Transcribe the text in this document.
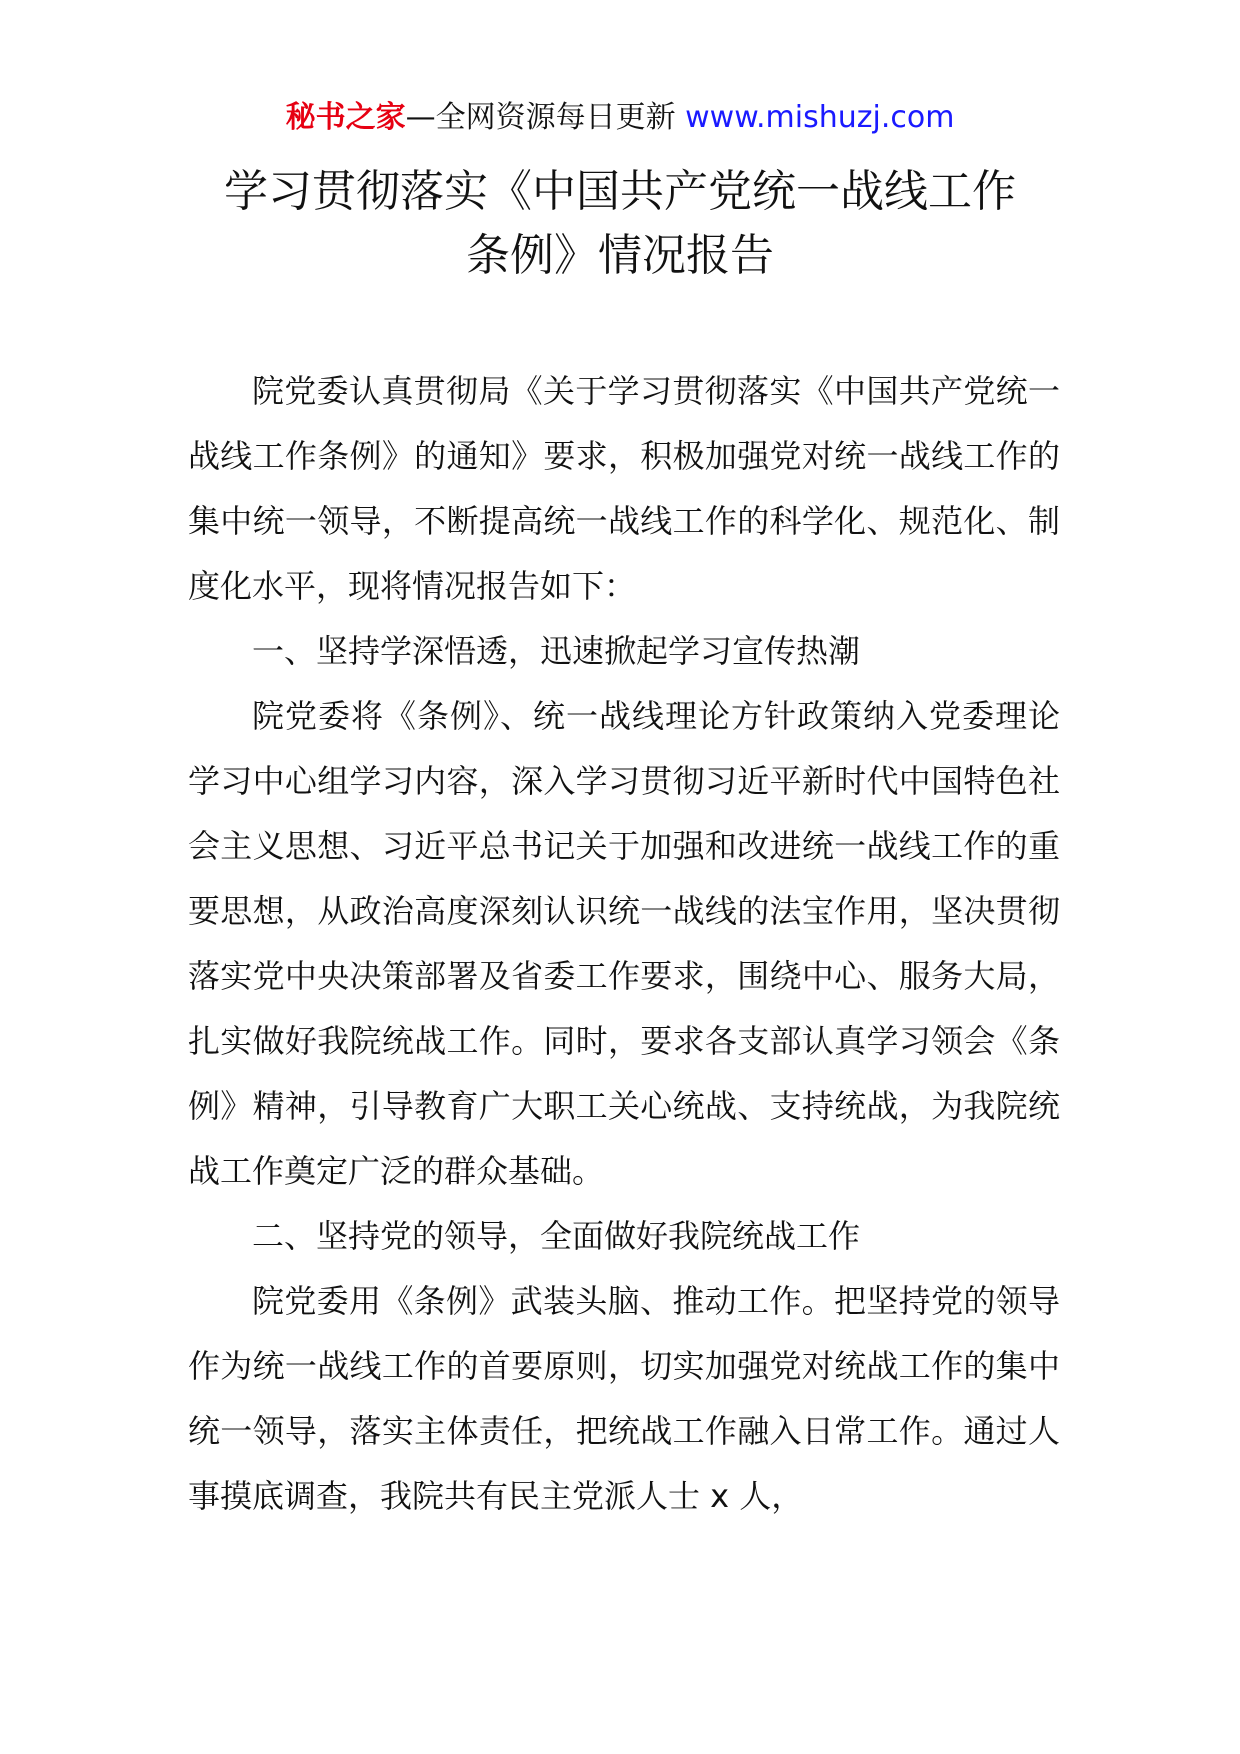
秘书之家—全网资源每日更新 www.mishuzj.com
学习贯彻落实《中国共产党统一战线工作
条例》情况报告

院党委认真贯彻局《关于学习贯彻落实《中国共产党统一战线工作条例》的通知》要求，积极加强党对统一战线工作的集中统一领导，不断提高统一战线工作的科学化、规范化、制度化水平，现将情况报告如下：

一、坚持学深悟透，迅速掀起学习宣传热潮

院党委将《条例》、统一战线理论方针政策纳入党委理论学习中心组学习内容，深入学习贯彻习近平新时代中国特色社会主义思想、习近平总书记关于加强和改进统一战线工作的重要思想，从政治高度深刻认识统一战线的法宝作用，坚决贯彻落实党中央决策部署及省委工作要求，围绕中心、服务大局，扎实做好我院统战工作。同时，要求各支部认真学习领会《条例》精神，引导教育广大职工关心统战、支持统战，为我院统战工作奠定广泛的群众基础。

二、坚持党的领导，全面做好我院统战工作

院党委用《条例》武装头脑、推动工作。把坚持党的领导作为统一战线工作的首要原则，切实加强党对统战工作的集中统一领导，落实主体责任，把统战工作融入日常工作。通过人事摸底调查，我院共有民主党派人士 x 人，
